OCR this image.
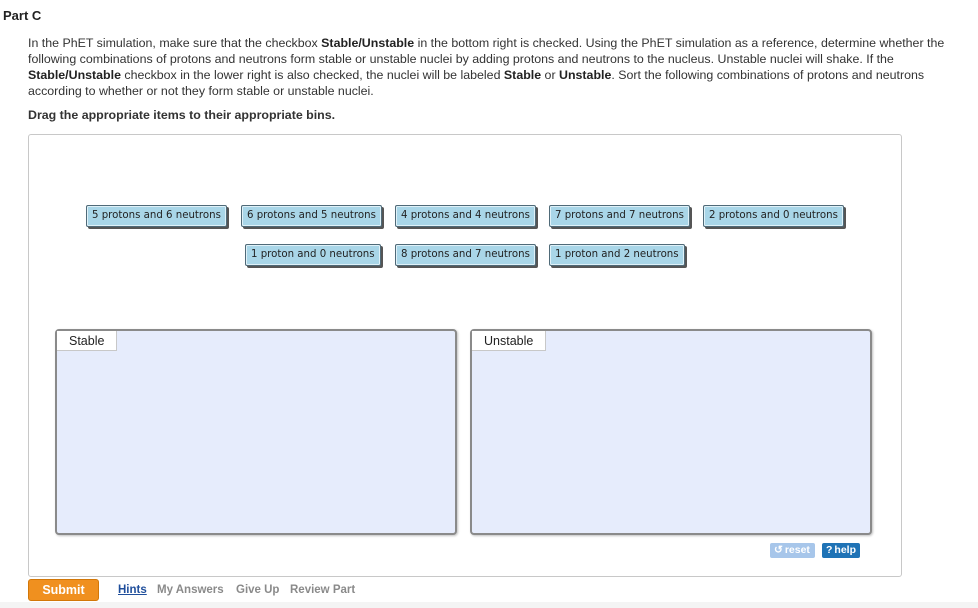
Part C
In the PhET simulation, make sure that the checkbox Stable/Unstable in the bottom right is checked. Using the PhET simulation as a reference, determine whether the following combinations of protons and neutrons form stable or unstable nuclei by adding protons and neutrons to the nucleus. Unstable nuclei will shake. If the Stable/Unstable checkbox in the lower right is also checked, the nuclei will be labeled Stable or Unstable. Sort the following combinations of protons and neutrons according to whether or not they form stable or unstable nuclei.
Drag the appropriate items to their appropriate bins.
5 protons and 6 neutrons	6 protons and 5 neutrons	4 protons and 4 neutrons	7 protons and 7 neutrons	2 protons and 0 neutrons
1 proton and 0 neutrons	8 protons and 7 neutrons	1 proton and 2 neutrons
Stable	Unstable
↺ reset	? help
Submit	Hints My Answers Give Up Review Part
